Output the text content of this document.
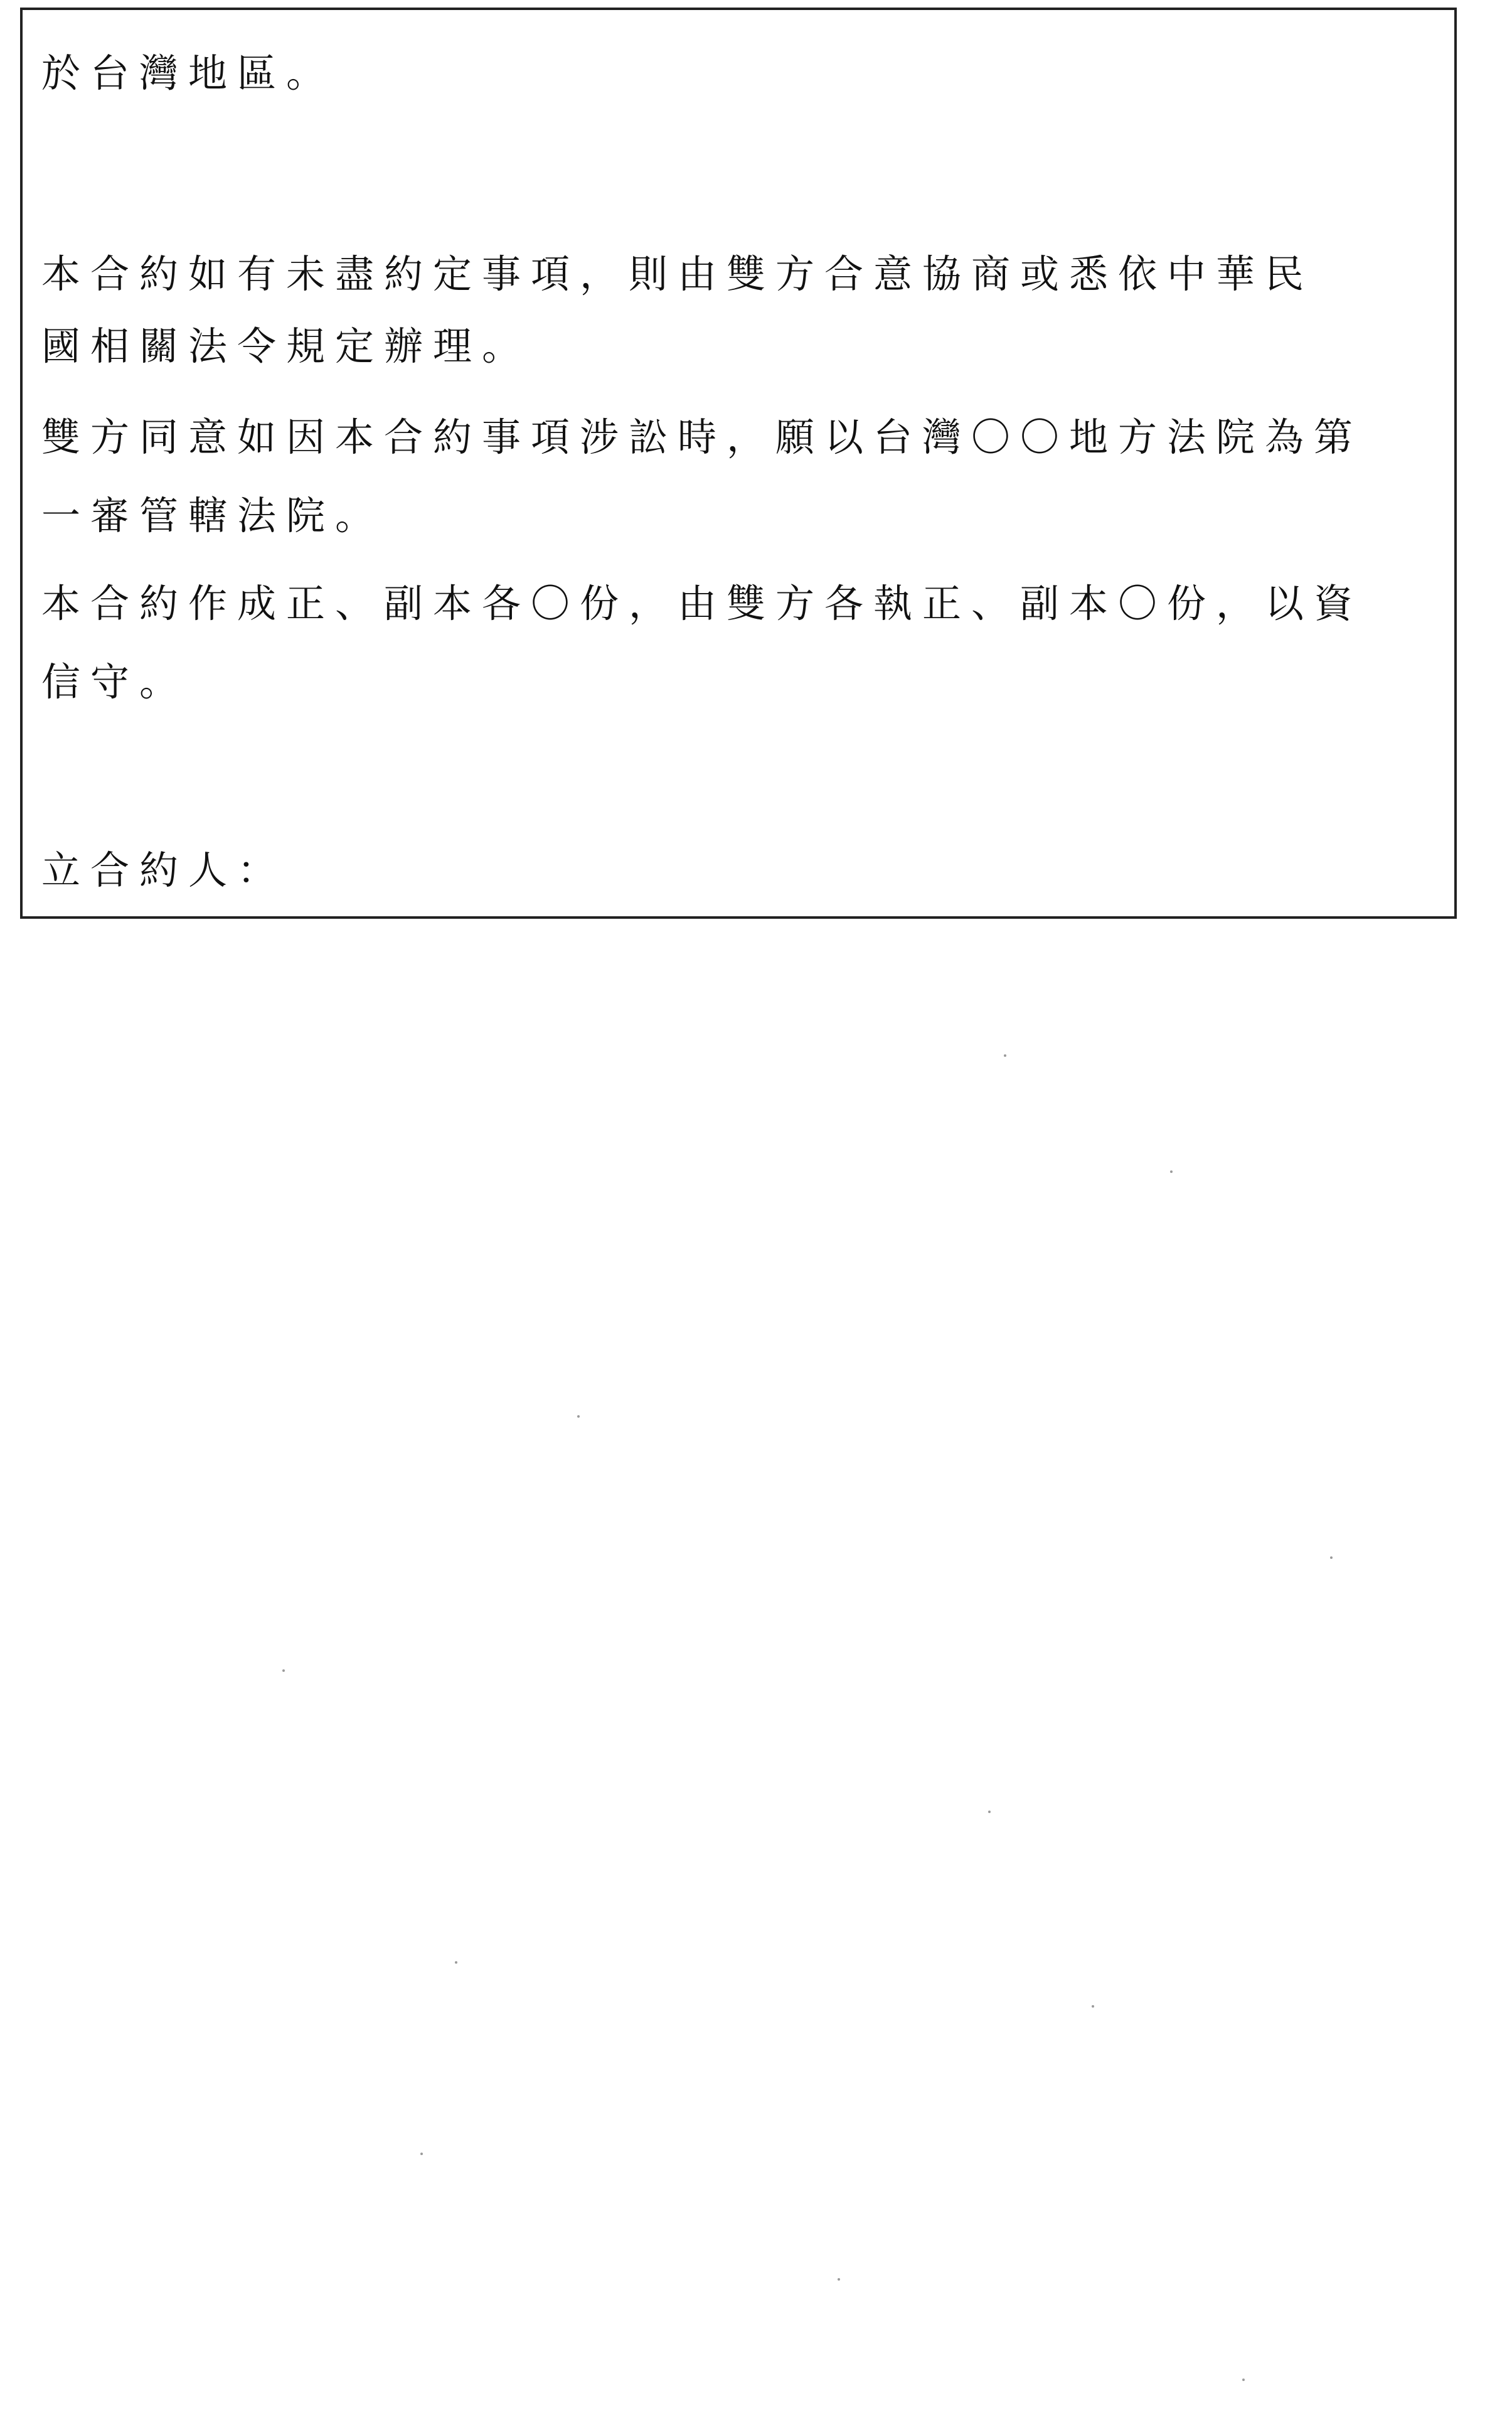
於台灣地區。

本合約如有未盡約定事項，則由雙方合意協商或悉依中華民

國相關法令規定辦理。

雙方同意如因本合約事項涉訟時，願以台灣〇〇地方法院為第

一審管轄法院。

本合約作成正、副本各〇份，由雙方各執正、副本〇份，以資

信守。

立合約人：
